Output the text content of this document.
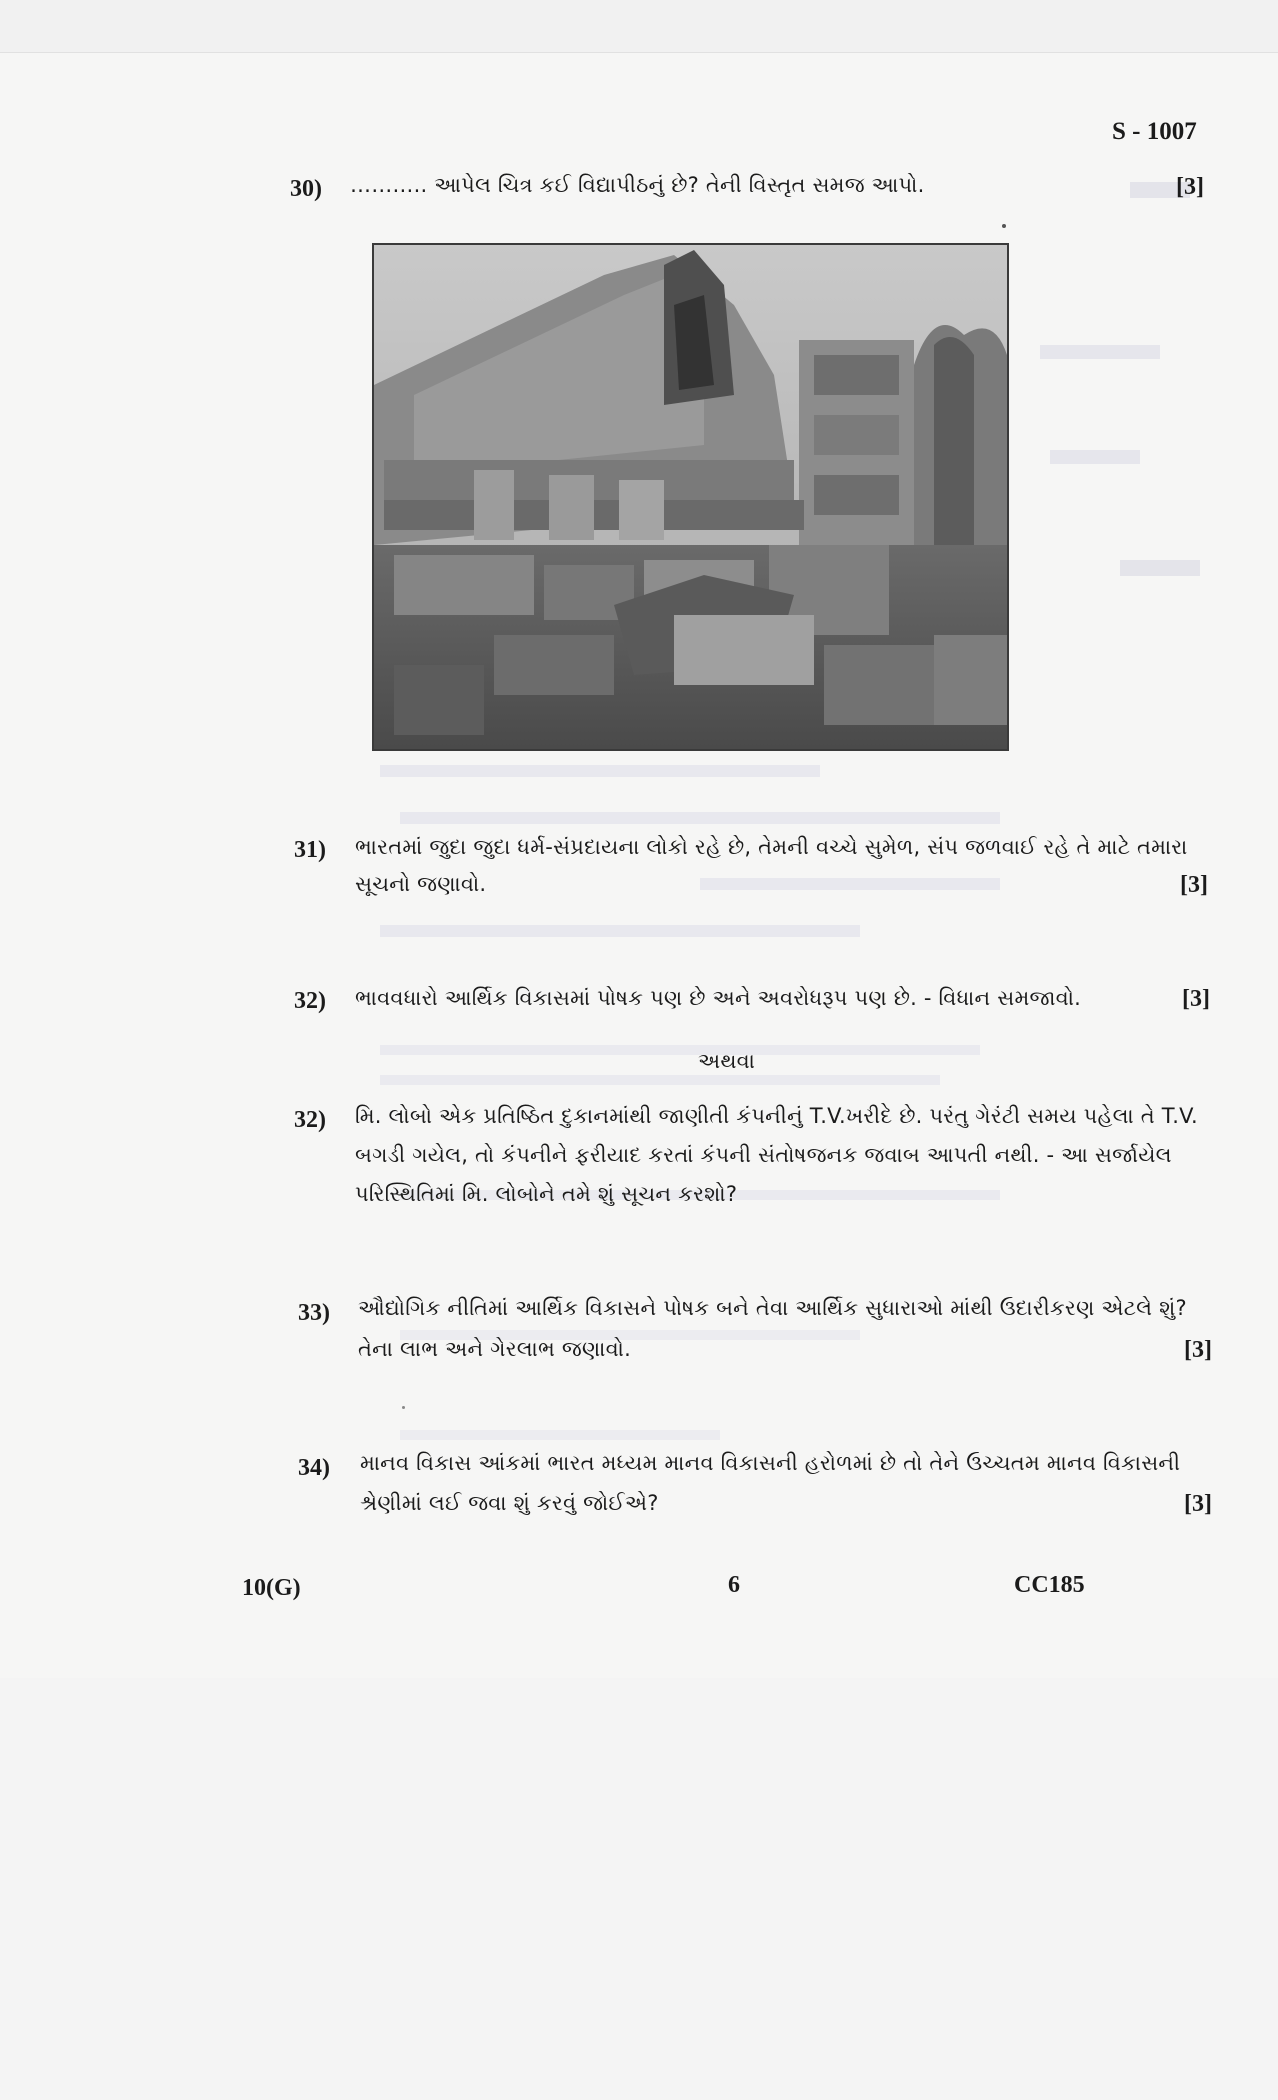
S - 1007
30) ……….. આપેલ ચિત્ર કઈ વિદ્યાપીઠનું છે? તેની વિસ્તૃત સમજ આપો.	[3]
31) ભારતમાં જુદા જુદા ધર્મ-સંપ્રદાયના લોકો રહે છે, તેમની વચ્ચે સુમેળ, સંપ જળવાઈ રહે તે માટે તમારા
સૂચનો જણાવો.	[3]
32) ભાવવધારો આર્થિક વિકાસમાં પોષક પણ છે અને અવરોધરૂપ પણ છે. - વિધાન સમજાવો.	[3]
અથવા
32) મિ. લોબો એક પ્રતિષ્ઠિત દુકાનમાંથી જાણીતી કંપનીનું T.V.ખરીદે છે. પરંતુ ગેરંટી સમય પહેલા તે T.V.
બગડી ગયેલ, તો કંપનીને ફરીયાદ કરતાં કંપની સંતોષજનક જવાબ આપતી નથી. - આ સર્જાયેલ
પરિસ્થિતિમાં મિ. લોબોને તમે શું સૂચન કરશો?
33) ઔદ્યોગિક નીતિમાં આર્થિક વિકાસને પોષક બને તેવા આર્થિક સુધારાઓ માંથી ઉદારીકરણ એટલે શું?
તેના લાભ અને ગેરલાભ જણાવો.	[3]
34) માનવ વિકાસ આંકમાં ભારત મધ્યમ માનવ વિકાસની હરોળમાં છે તો તેને ઉચ્ચતમ માનવ વિકાસની
શ્રેણીમાં લઈ જવા શું કરવું જોઈએ?	[3]
10(G)	6	CC185
